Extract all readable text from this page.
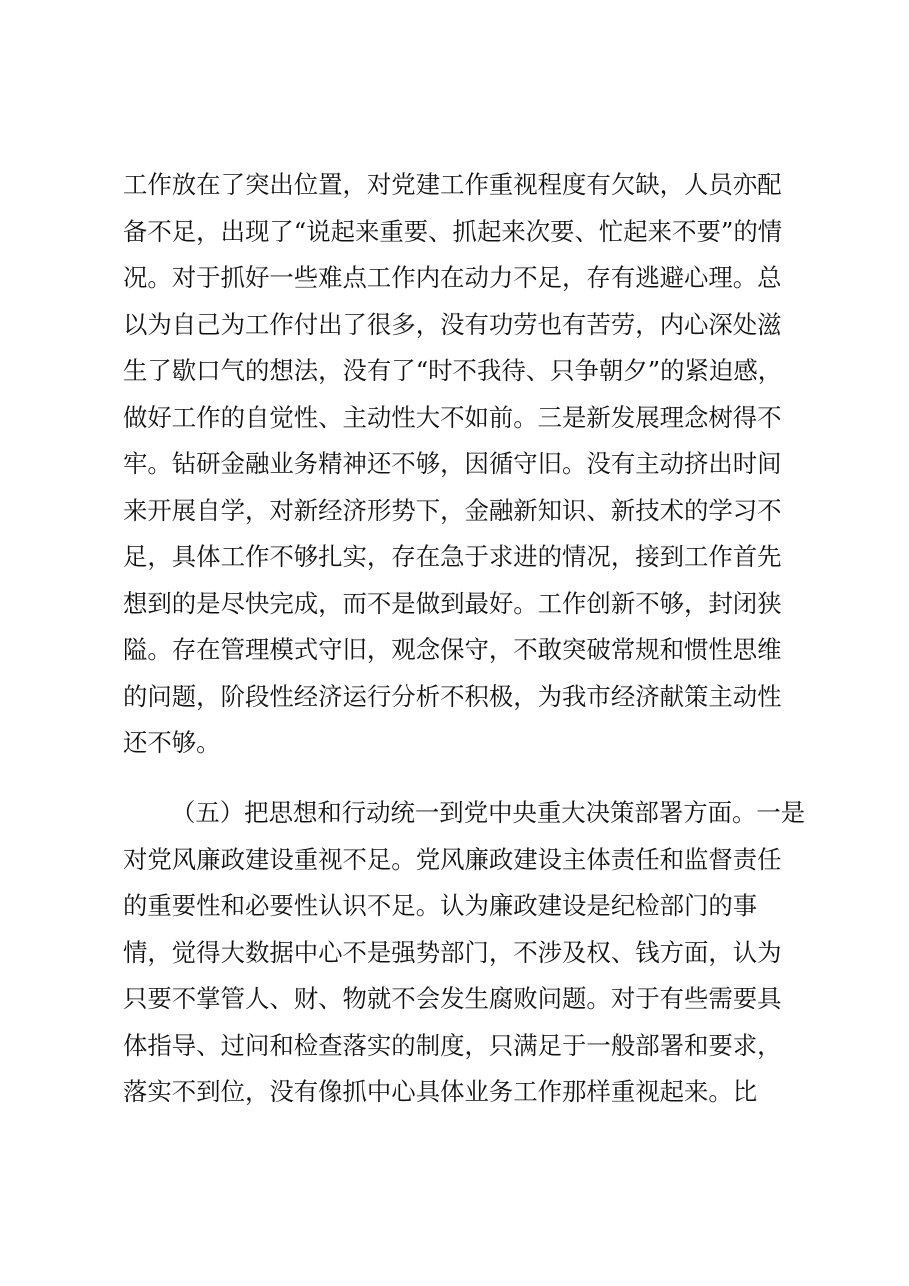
工作放在了突出位置，对党建工作重视程度有欠缺，人员亦配
备不足，出现了“说起来重要、抓起来次要、忙起来不要”的情
况。对于抓好一些难点工作内在动力不足，存有逃避心理。总
以为自己为工作付出了很多，没有功劳也有苦劳，内心深处滋
生了歇口气的想法，没有了“时不我待、只争朝夕”的紧迫感，
做好工作的自觉性、主动性大不如前。三是新发展理念树得不
牢。钻研金融业务精神还不够，因循守旧。没有主动挤出时间
来开展自学，对新经济形势下，金融新知识、新技术的学习不
足，具体工作不够扎实，存在急于求进的情况，接到工作首先
想到的是尽快完成，而不是做到最好。工作创新不够，封闭狭
隘。存在管理模式守旧，观念保守，不敢突破常规和惯性思维
的问题，阶段性经济运行分析不积极，为我市经济献策主动性
还不够。
（五）把思想和行动统一到党中央重大决策部署方面。一是
对党风廉政建设重视不足。党风廉政建设主体责任和监督责任
的重要性和必要性认识不足。认为廉政建设是纪检部门的事
情，觉得大数据中心不是强势部门，不涉及权、钱方面，认为
只要不掌管人、财、物就不会发生腐败问题。对于有些需要具
体指导、过问和检查落实的制度，只满足于一般部署和要求，
落实不到位，没有像抓中心具体业务工作那样重视起来。比
